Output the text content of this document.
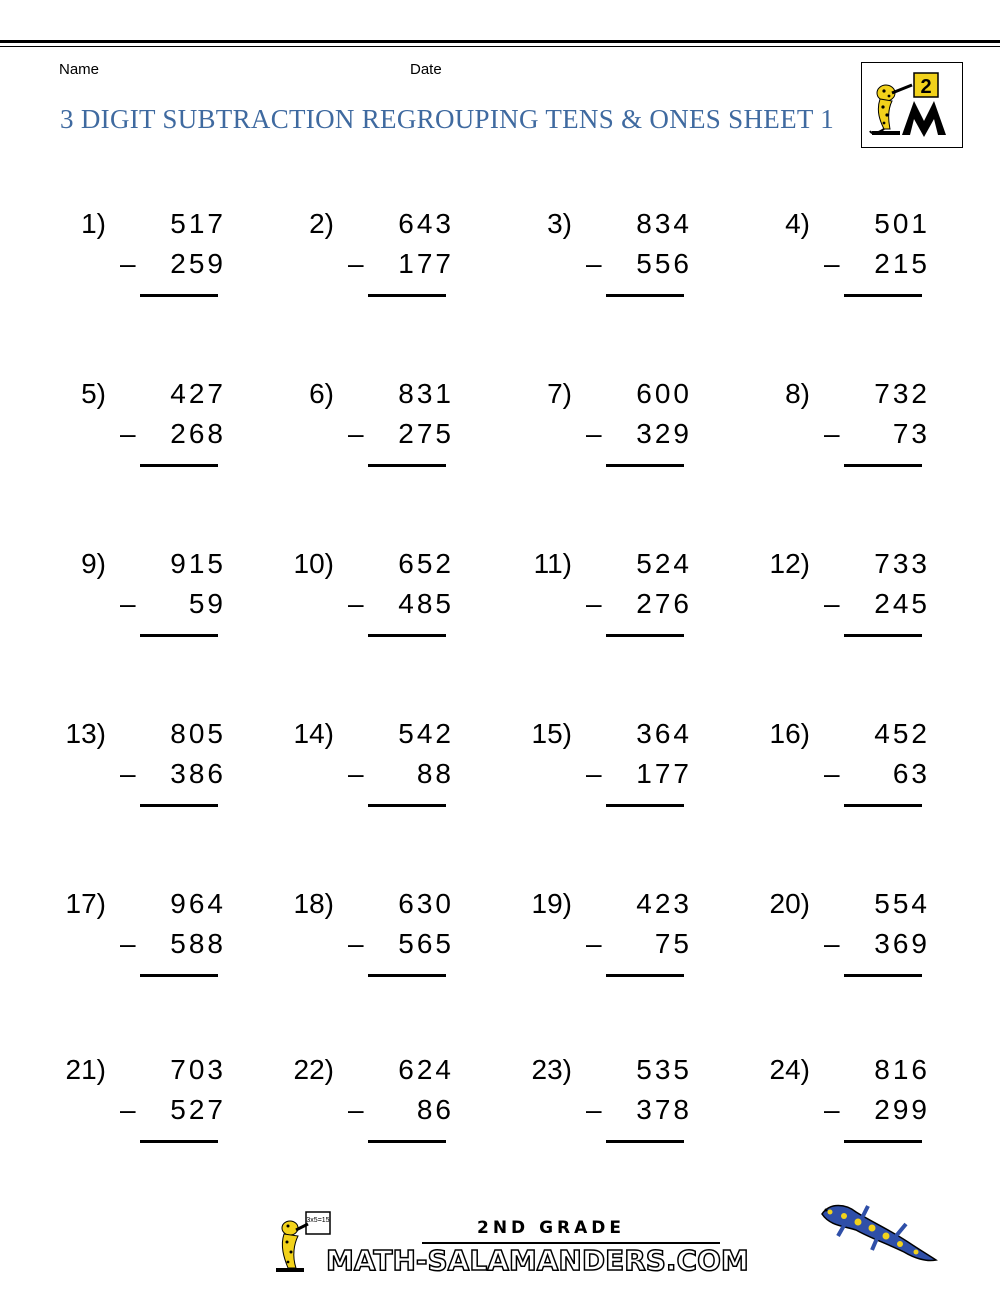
Name	Date
3 DIGIT SUBTRACTION REGROUPING TENS & ONES SHEET 1
2
1) 517
– 259
2) 643
– 177
3) 834
– 556
4) 501
– 215
5) 427
– 268
6) 831
– 275
7) 600
– 329
8) 732
– 73
9) 915
– 59
10) 652
– 485
11) 524
– 276
12) 733
– 245
13) 805
– 386
14) 542
– 88
15) 364
– 177
16) 452
– 63
17) 964
– 588
18) 630
– 565
19) 423
– 75
20) 554
– 369
21) 703
– 527
22) 624
– 86
23) 535
– 378
24) 816
– 299
3x5=15	2ND GRADE
MATH-SALAMANDERS.COM
